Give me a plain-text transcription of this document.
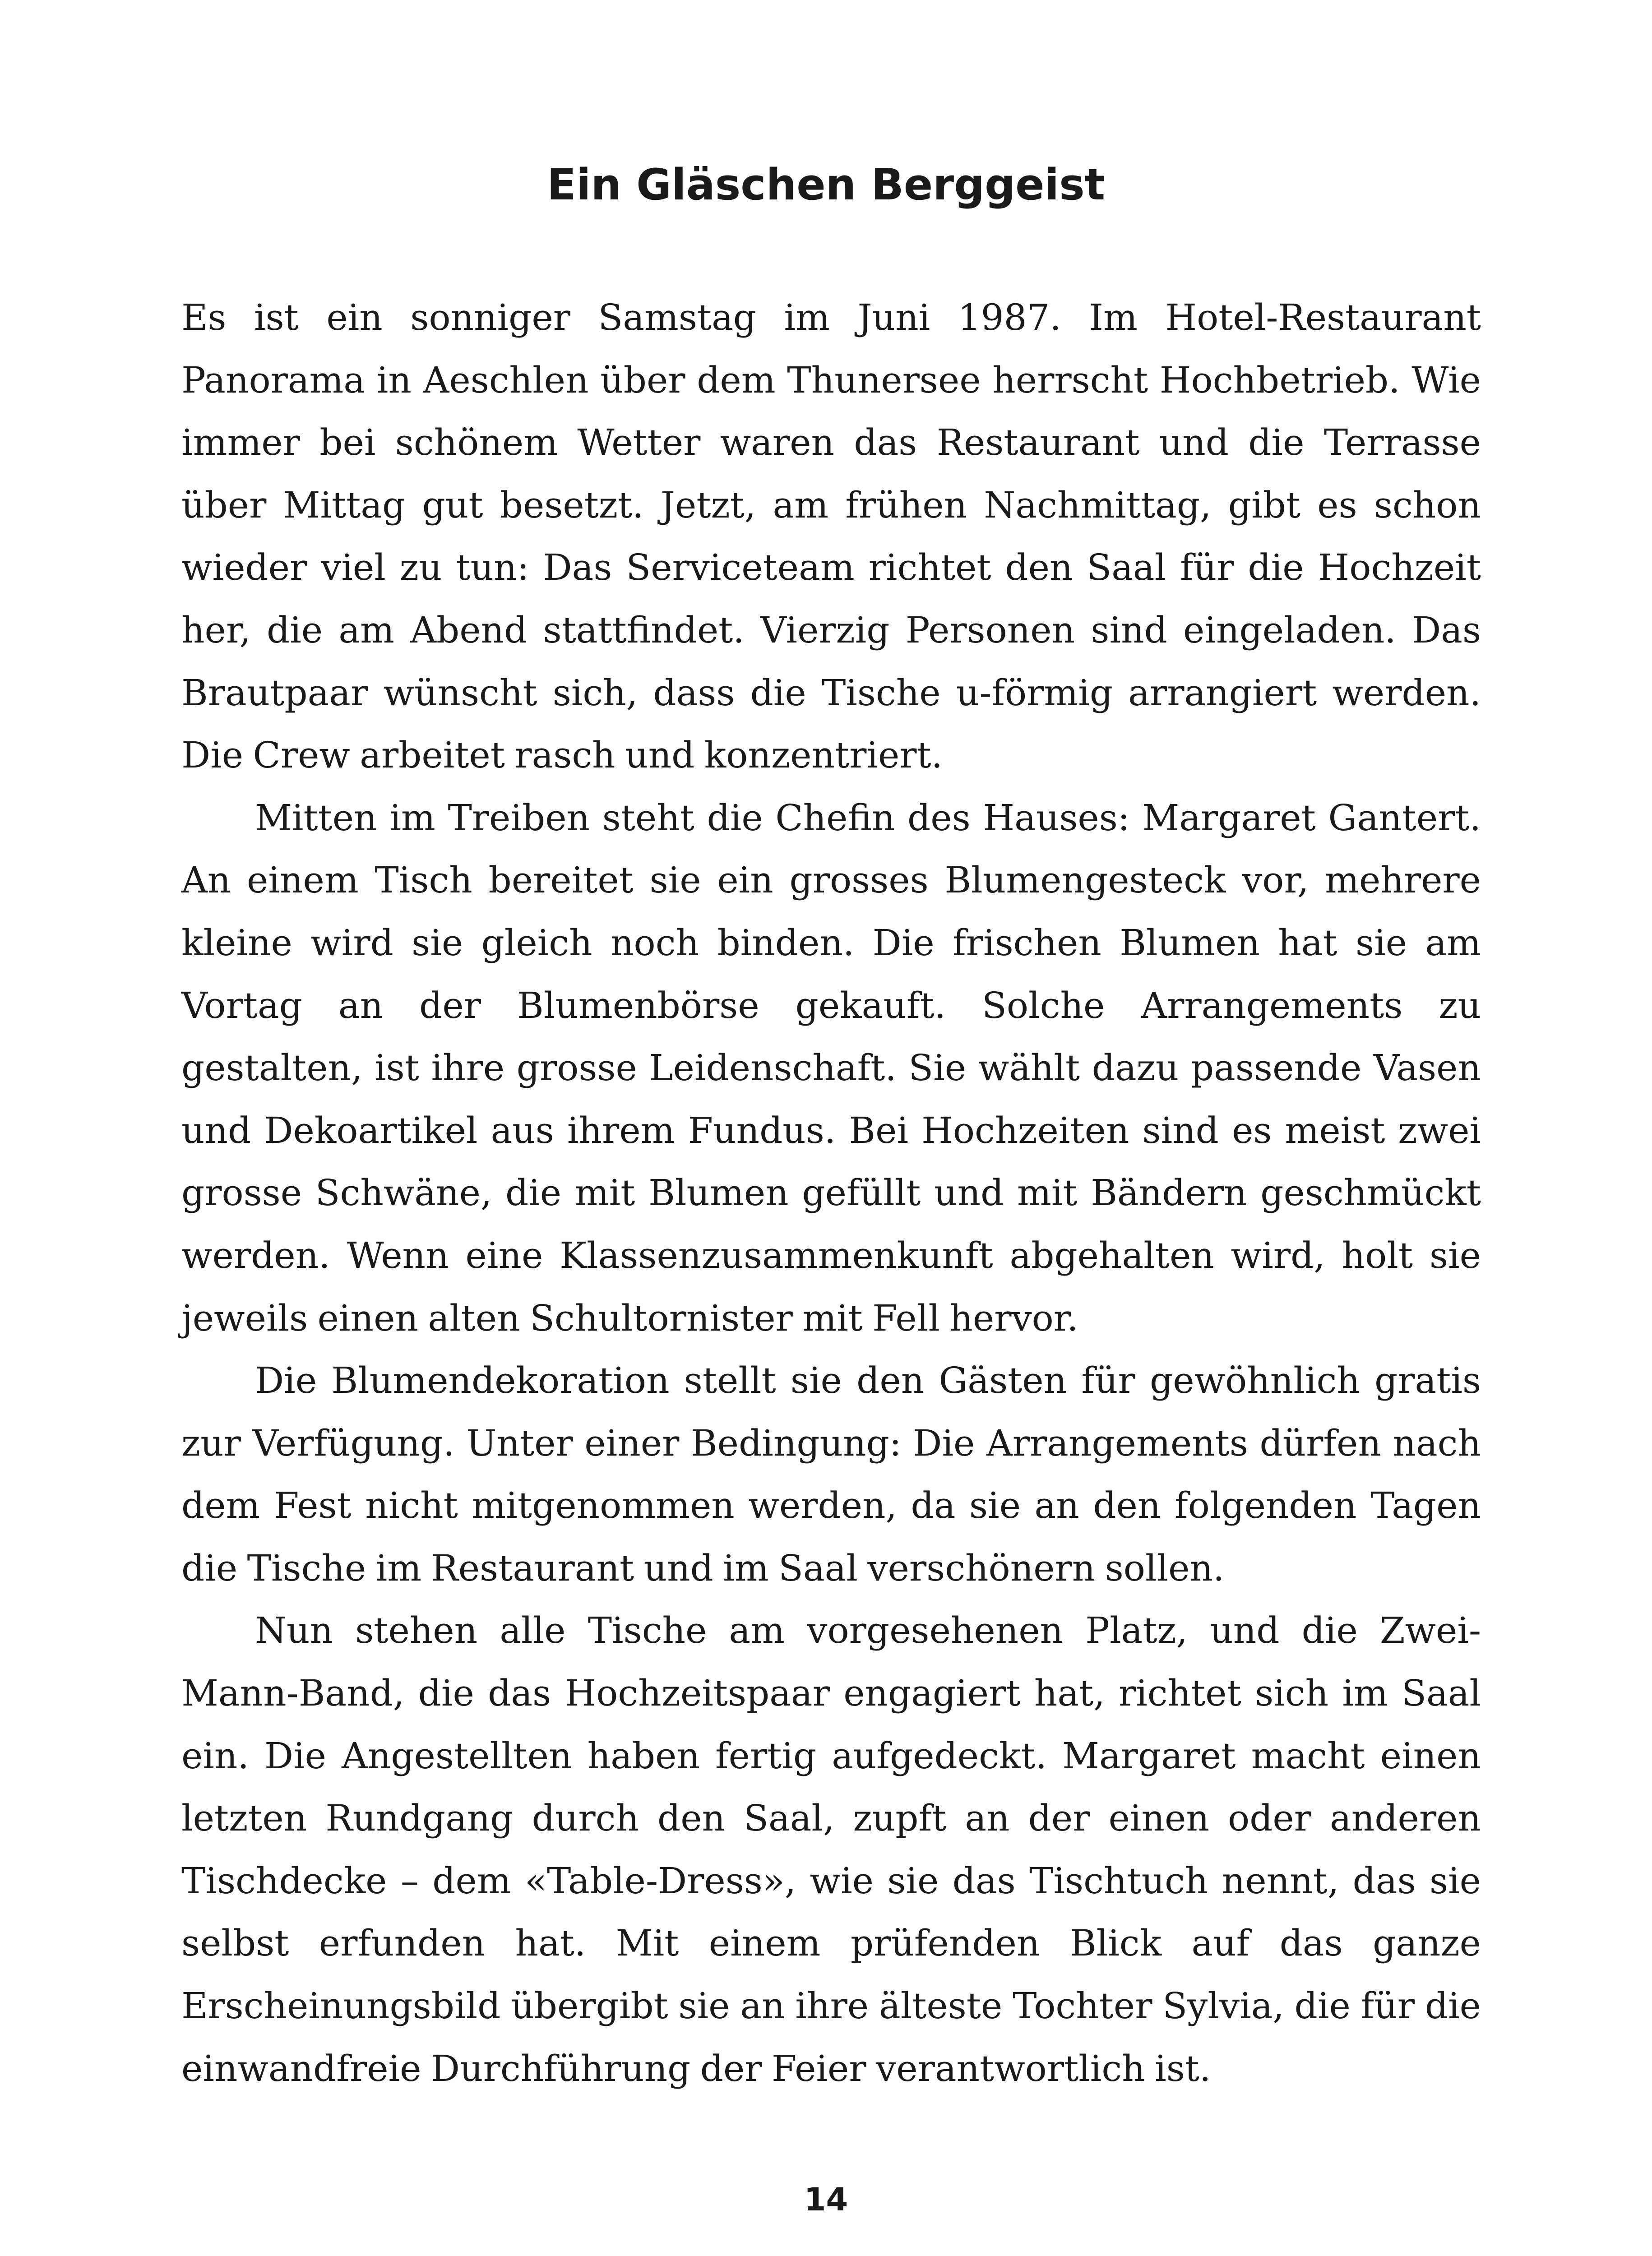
Ein Gläschen Berggeist

Es ist ein sonniger Samstag im Juni 1987. Im Hotel-Restaurant Panorama in Aeschlen über dem Thunersee herrscht Hochbetrieb. Wie immer bei schönem Wetter waren das Restaurant und die Terrasse über Mittag gut besetzt. Jetzt, am frühen Nachmittag, gibt es schon wieder viel zu tun: Das Serviceteam richtet den Saal für die Hochzeit her, die am Abend stattfindet. Vierzig Personen sind eingeladen. Das Brautpaar wünscht sich, dass die Tische u-förmig arrangiert werden. Die Crew arbeitet rasch und konzentriert.

Mitten im Treiben steht die Chefin des Hauses: Margaret Gantert. An einem Tisch bereitet sie ein grosses Blumengesteck vor, mehrere kleine wird sie gleich noch binden. Die frischen Blumen hat sie am Vortag an der Blumenbörse gekauft. Solche Arrangements zu gestalten, ist ihre grosse Leidenschaft. Sie wählt dazu passende Vasen und Dekoartikel aus ihrem Fundus. Bei Hochzeiten sind es meist zwei grosse Schwäne, die mit Blumen gefüllt und mit Bändern geschmückt werden. Wenn eine Klassenzusammenkunft abgehalten wird, holt sie jeweils einen alten Schultornister mit Fell hervor.

Die Blumendekoration stellt sie den Gästen für gewöhnlich gratis zur Verfügung. Unter einer Bedingung: Die Arrangements dürfen nach dem Fest nicht mitgenommen werden, da sie an den folgenden Tagen die Tische im Restaurant und im Saal verschönern sollen.

Nun stehen alle Tische am vorgesehenen Platz, und die Zwei-Mann-Band, die das Hochzeitspaar engagiert hat, richtet sich im Saal ein. Die Angestellten haben fertig aufgedeckt. Margaret macht einen letzten Rundgang durch den Saal, zupft an der einen oder anderen Tischdecke – dem «Table-Dress», wie sie das Tischtuch nennt, das sie selbst erfunden hat. Mit einem prüfenden Blick auf das ganze Erscheinungsbild übergibt sie an ihre älteste Tochter Sylvia, die für die einwandfreie Durchführung der Feier verantwortlich ist.

14
